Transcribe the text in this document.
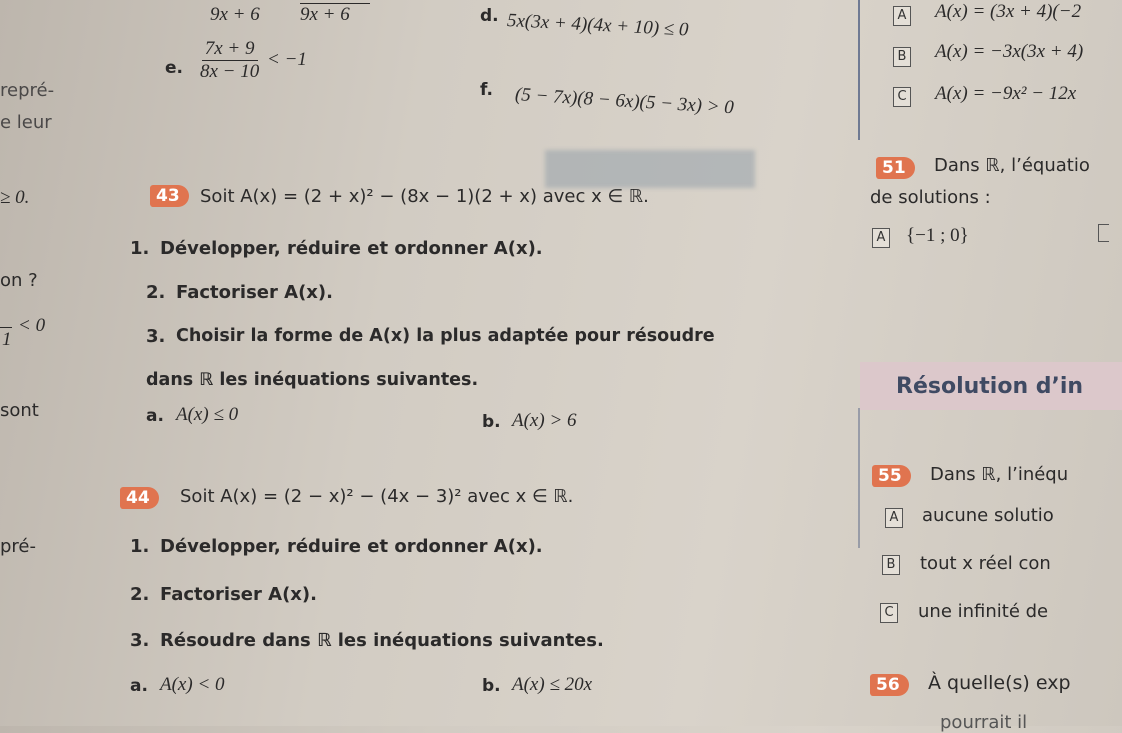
repré-
e leur
≥ 0.
on ?
< 0
1
sont
pré-
9x + 6 9x + 6	d. 5x(3x + 4)(4x + 10) ≤ 0
e. $\frac{7x + 9}{8x - 10} < -1$
f. (5 − 7x)(8 − 6x)(5 − 3x) > 0
43	Soit A(x) = (2 + x)² − (8x − 1)(2 + x) avec x ∈ ℝ.
1. Développer, réduire et ordonner A(x).
2. Factoriser A(x).
3. Choisir la forme de A(x) la plus adaptée pour résoudre
dans ℝ les inéquations suivantes.
a. A(x) ≤ 0	b. A(x) > 6
44	Soit A(x) = (2 − x)² − (4x − 3)² avec x ∈ ℝ.
1. Développer, réduire et ordonner A(x).
2. Factoriser A(x).
3. Résoudre dans ℝ les inéquations suivantes.
a. A(x) < 0	b. A(x) ≤ 20x
A A(x) = (3x + 4)(−2
B A(x) = −3x(3x + 4)
C A(x) = −9x² − 12x
51	Dans ℝ, l’équatio
de solutions :
A {−1 ; 0}
Résolution d’in
55	Dans ℝ, l’inéqu
A aucune solutio
B tout x réel con
C une infinité de
56	À quelle(s) exp
pourrait il
